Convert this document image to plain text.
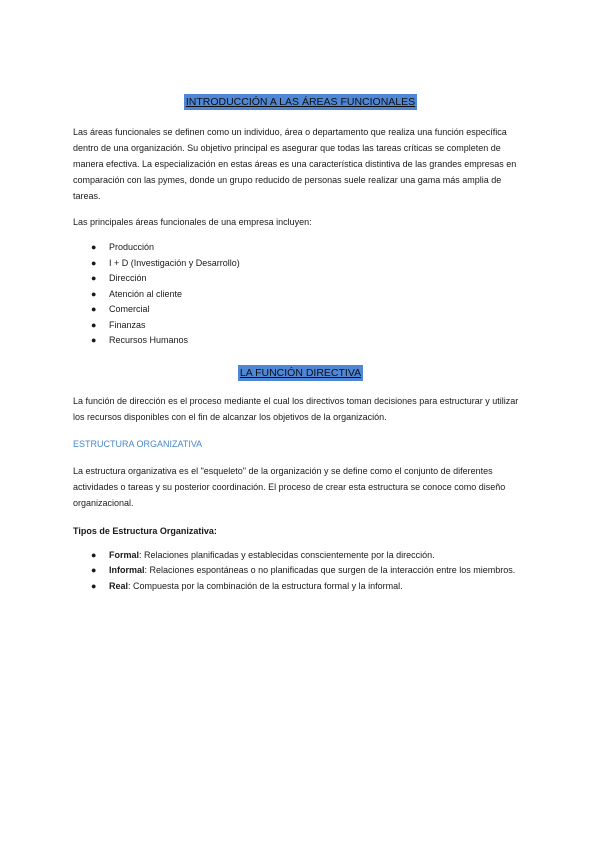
INTRODUCCIÓN A LAS ÁREAS FUNCIONALES

Las áreas funcionales se definen como un individuo, área o departamento que realiza una función específica dentro de una organización. Su objetivo principal es asegurar que todas las tareas críticas se completen de manera efectiva. La especialización en estas áreas es una característica distintiva de las grandes empresas en comparación con las pymes, donde un grupo reducido de personas suele realizar una gama más amplia de tareas.

Las principales áreas funcionales de una empresa incluyen:

● Producción
● I + D (Investigación y Desarrollo)
● Dirección
● Atención al cliente
● Comercial
● Finanzas
● Recursos Humanos
LA FUNCIÓN DIRECTIVA

La función de dirección es el proceso mediante el cual los directivos toman decisiones para estructurar y utilizar los recursos disponibles con el fin de alcanzar los objetivos de la organización.

ESTRUCTURA ORGANIZATIVA

La estructura organizativa es el "esqueleto" de la organización y se define como el conjunto de diferentes actividades o tareas y su posterior coordinación. El proceso de crear esta estructura se conoce como diseño organizacional.

Tipos de Estructura Organizativa:

● Formal: Relaciones planificadas y establecidas conscientemente por la dirección.
● Informal: Relaciones espontáneas o no planificadas que surgen de la interacción entre los miembros.
● Real: Compuesta por la combinación de la estructura formal y la informal.
